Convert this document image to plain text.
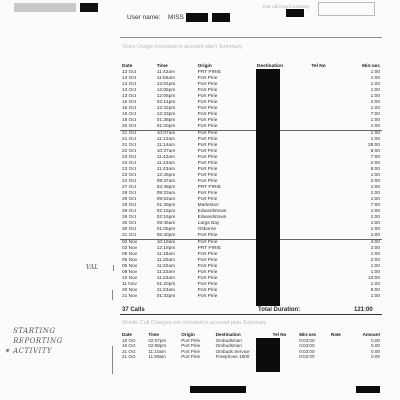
Your call record summary
User name: MISS
Voice Usage (included in account plan) Summary
Date	Time	Origin	Destination	Tel No	Min:sec
13 Oct	11:42am	PRT PIRIE			1:00
13 Oct	11:56am	Port Pirie			1:00
13 Oct	12:04pm	Port Pirie			1:00
13 Oct	12:05pm	Port Pirie			1:00
13 Oct	12:06pm	Port Pirie			1:00
15 Oct	02:14pm	Port Pirie			2:00
16 Oct	12:32pm	Port Pirie			1:00
19 Oct	12:33pm	Port Pirie			7:00
19 Oct	01:38pm	Port Pirie			1:00
20 Oct	01:00pm	Port Pirie			1:00
21 Oct	10:07am	Port Pirie			1:00
21 Oct	11:12am	Port Pirie			1:00
21 Oct	11:14am	Port Pirie			28:00
22 Oct	10:37am	Port Pirie			8:00
23 Oct	11:42am	Port Pirie			7:00
23 Oct	11:43am	Port Pirie			2:00
23 Oct	11:43am	Port Pirie			9:00
23 Oct	12:46pm	Port Pirie			1:00
24 Oct	09:37am	Port Pirie			2:00
27 Oct	02:48pm	PRT PIRIE			1:00
29 Oct	09:33am	Port Pirie			1:00
29 Oct	09:52am	Port Pirie			1:00
29 Oct	01:39pm	Marleston			7:00
29 Oct	02:15pm	Edwardstown			1:00
29 Oct	02:16pm	Edwardstown			1:00
30 Oct	09:45am	Largs Bay			1:00
30 Oct	01:05pm	Osborne			1:00
31 Oct	05:30pm	Port Pirie			1:00
02 Nov	10:18am	Port Pirie			4:00
02 Nov	12:18pm	PRT PIRIE			2:00
05 Nov	11:18am	Port Pirie			1:00
05 Nov	11:20am	Port Pirie			2:00
05 Nov	11:22am	Port Pirie			1:00
09 Nov	11:22am	Port Pirie			1:00
10 Nov	11:23am	Port Pirie			10:00
11 Nov	01:20pm	Port Pirie			1:00
20 Nov	11:23am	Port Pirie			5:00
21 Nov	01:32pm	Port Pirie			1:00
37 Calls	Total Duration:	121:00
Mobile Call Charges not included in account plan Summary
Date	Time	Origin	Destination	Tel No	Min:sec	Rate	Amount
19 Oct	02:07pm	Port Pirie	Ombudsman		0:03:00		0.00
19 Oct	02:08pm	Port Pirie	Ombudsman		0:03:00		0.00
21 Oct	11:10am	Port Pirie	Ombuds Service		0:03:00		0.00
21 Oct	11:59am	Port Pirie	Freephone 1800		0:02:00		0.00
VAL
✶ STARTING REPORTING ACTIVITY
